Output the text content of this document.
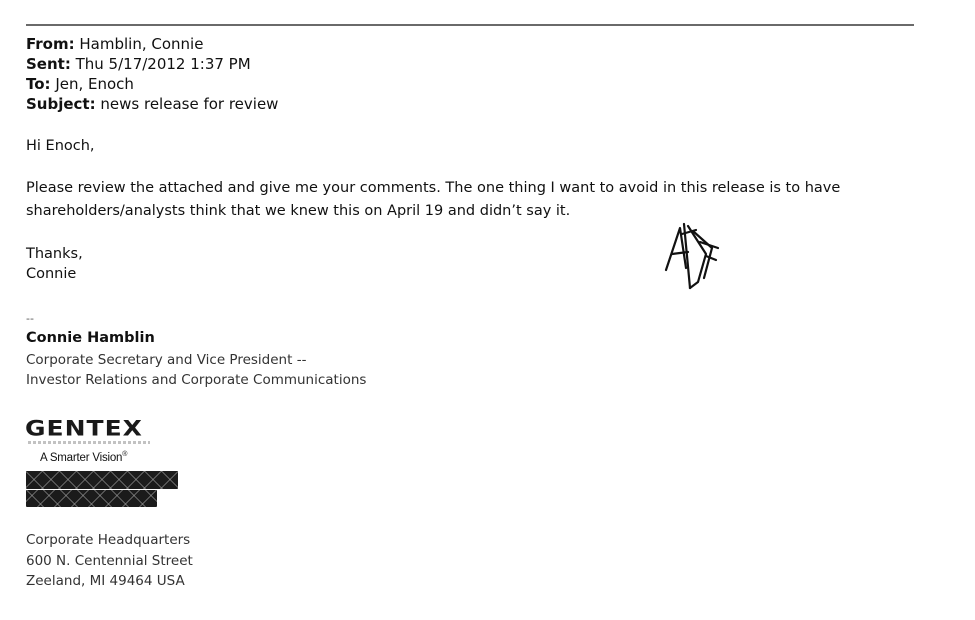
From: Hamblin, Connie
Sent: Thu 5/17/2012 1:37 PM
To: Jen, Enoch
Subject: news release for review
Hi Enoch,
Please review the attached and give me your comments. The one thing I want to avoid in this release is to have
shareholders/analysts think that we knew this on April 19 and didn’t say it.
Thanks,
Connie
--
Connie Hamblin
Corporate Secretary and Vice President --
Investor Relations and Corporate Communications
GENTEX
A Smarter Vision®
Corporate Headquarters
600 N. Centennial Street
Zeeland, MI 49464 USA
